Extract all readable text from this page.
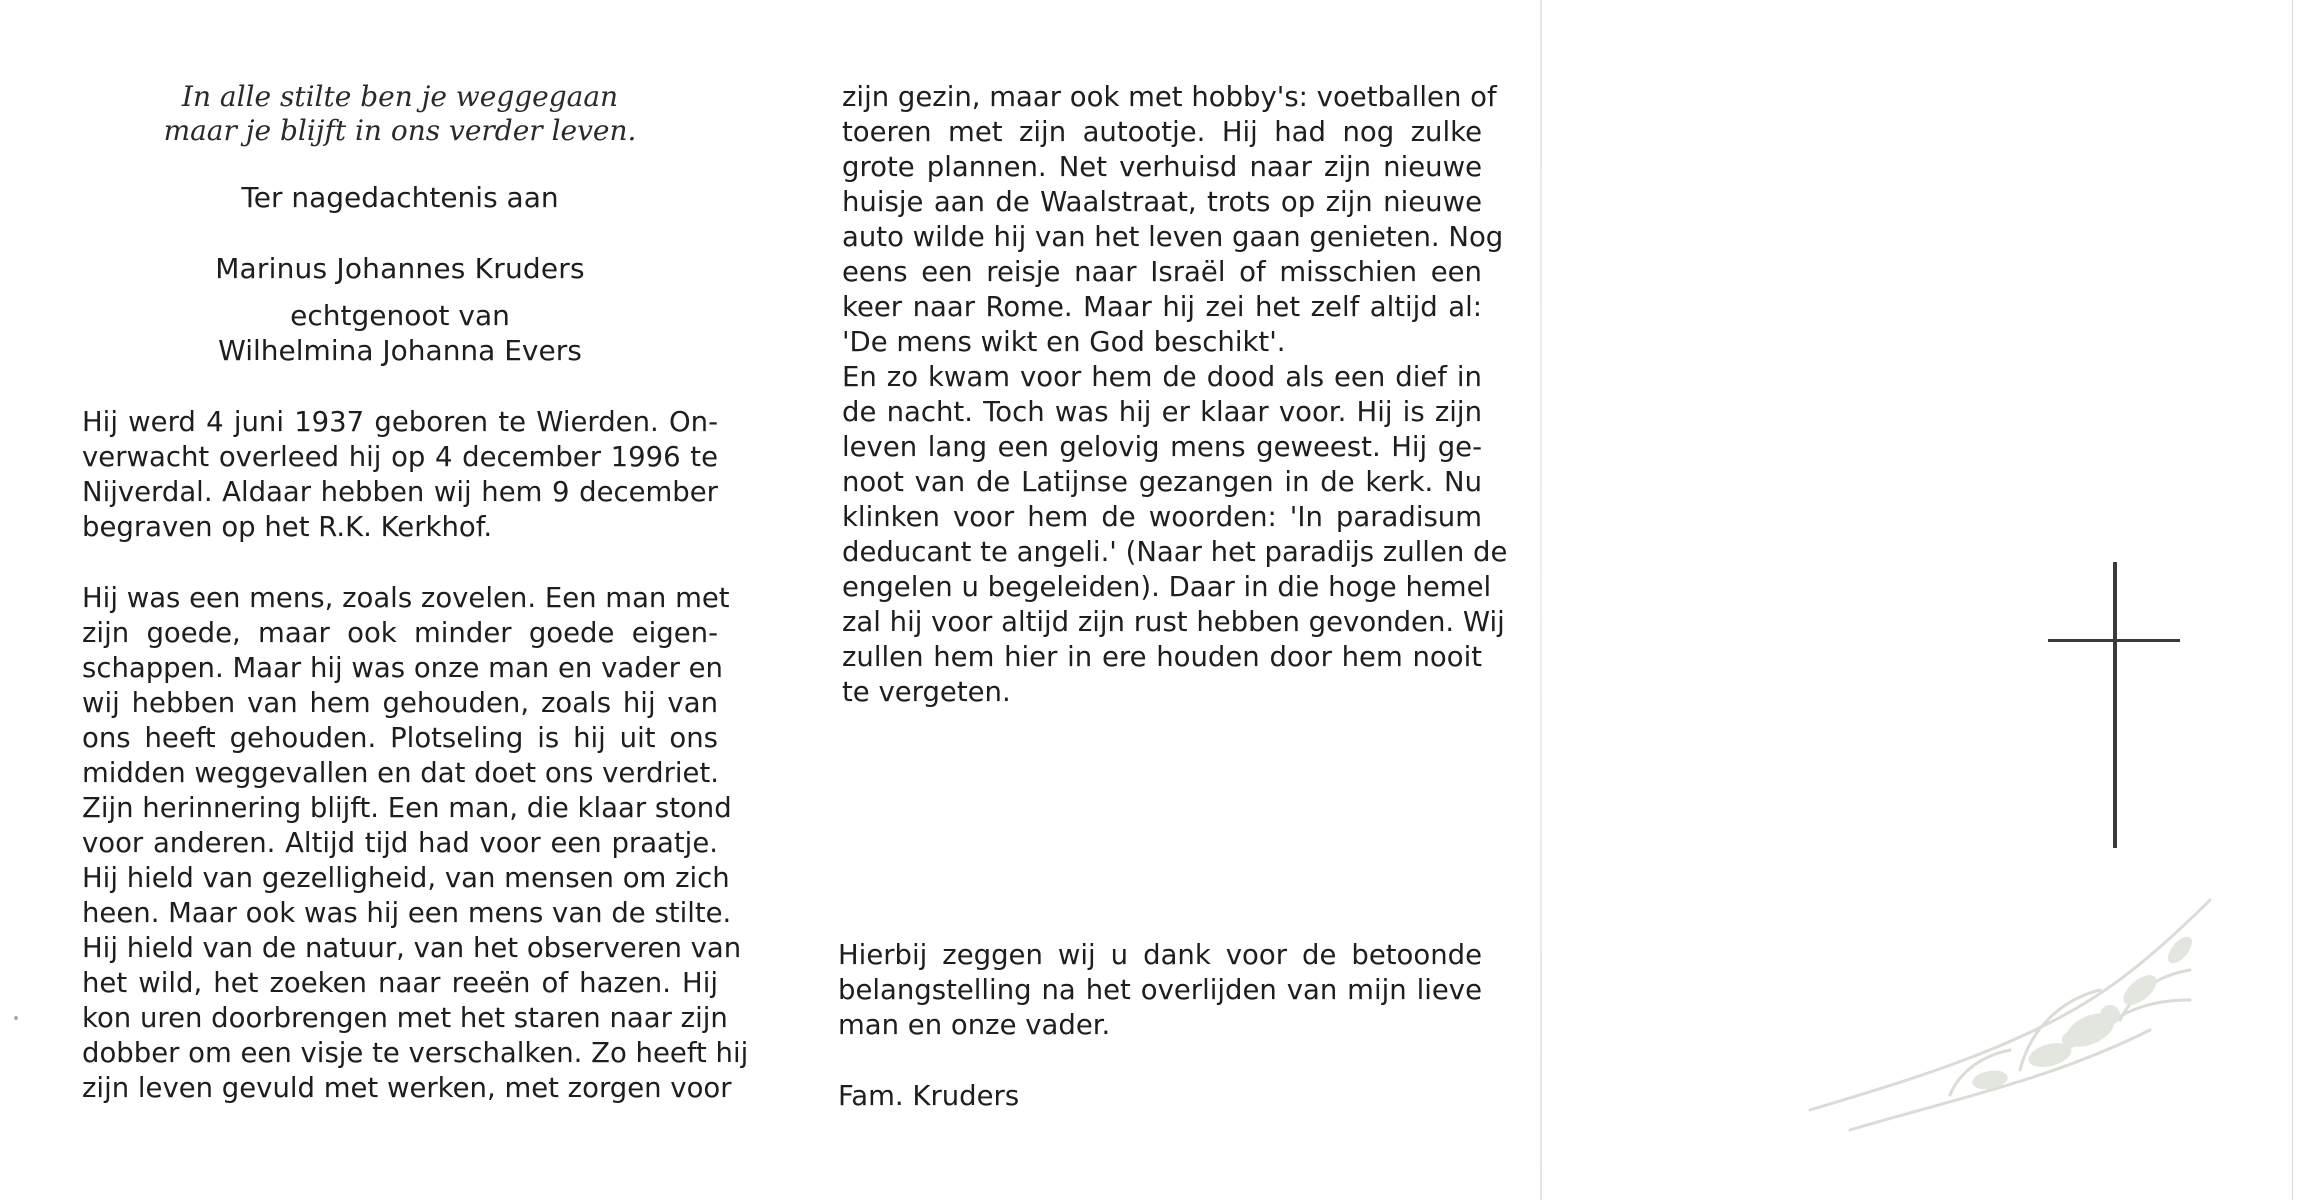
In alle stilte ben je weggegaan
maar je blijft in ons verder leven.
Ter nagedachtenis aan
Marinus Johannes Kruders
echtgenoot van
Wilhelmina Johanna Evers
Hij werd 4 juni 1937 geboren te Wierden. On-
verwacht overleed hij op 4 december 1996 te
Nijverdal. Aldaar hebben wij hem 9 december
begraven op het R.K. Kerkhof.
Hij was een mens, zoals zovelen. Een man met
zijn goede, maar ook minder goede eigen-
schappen. Maar hij was onze man en vader en
wij hebben van hem gehouden, zoals hij van
ons heeft gehouden. Plotseling is hij uit ons
midden weggevallen en dat doet ons verdriet.
Zijn herinnering blijft. Een man, die klaar stond
voor anderen. Altijd tijd had voor een praatje.
Hij hield van gezelligheid, van mensen om zich
heen. Maar ook was hij een mens van de stilte.
Hij hield van de natuur, van het observeren van
het wild, het zoeken naar reeën of hazen. Hij
kon uren doorbrengen met het staren naar zijn
dobber om een visje te verschalken. Zo heeft hij
zijn leven gevuld met werken, met zorgen voor
zijn gezin, maar ook met hobby's: voetballen of
toeren met zijn autootje. Hij had nog zulke
grote plannen. Net verhuisd naar zijn nieuwe
huisje aan de Waalstraat, trots op zijn nieuwe
auto wilde hij van het leven gaan genieten. Nog
eens een reisje naar Israël of misschien een
keer naar Rome. Maar hij zei het zelf altijd al:
'De mens wikt en God beschikt'.
En zo kwam voor hem de dood als een dief in
de nacht. Toch was hij er klaar voor. Hij is zijn
leven lang een gelovig mens geweest. Hij ge-
noot van de Latijnse gezangen in de kerk. Nu
klinken voor hem de woorden: 'In paradisum
deducant te angeli.' (Naar het paradijs zullen de
engelen u begeleiden). Daar in die hoge hemel
zal hij voor altijd zijn rust hebben gevonden. Wij
zullen hem hier in ere houden door hem nooit
te vergeten.
Hierbij zeggen wij u dank voor de betoonde
belangstelling na het overlijden van mijn lieve
man en onze vader.
Fam. Kruders
